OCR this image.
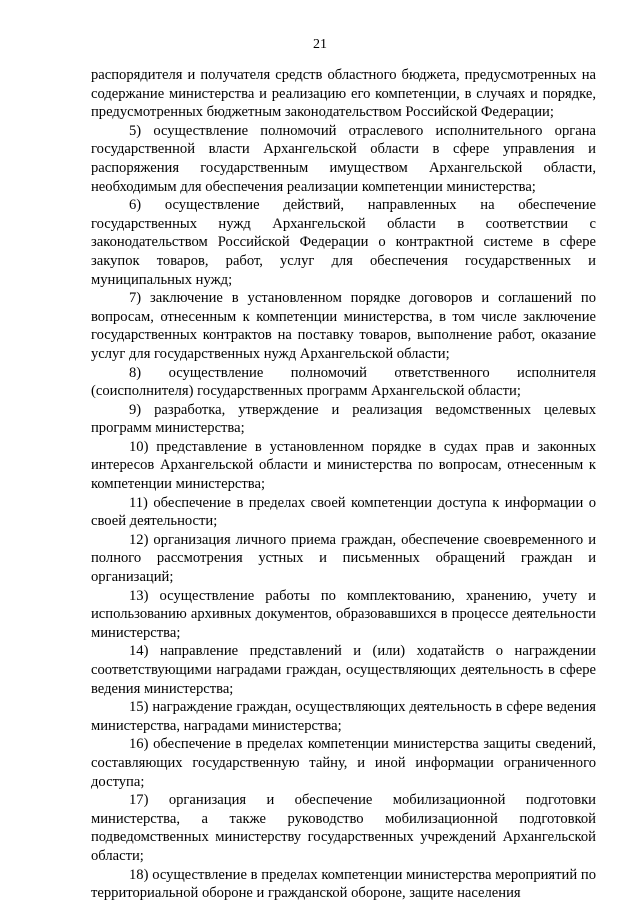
21

распорядителя и получателя средств областного бюджета, предусмотренных на содержание министерства и реализацию его компетенции, в случаях и порядке, предусмотренных бюджетным законодательством Российской Федерации;

5) осуществление полномочий отраслевого исполнительного органа государственной власти Архангельской области в сфере управления и распоряжения государственным имуществом Архангельской области, необходимым для обеспечения реализации компетенции министерства;

6) осуществление действий, направленных на обеспечение государственных нужд Архангельской области в соответствии с законодательством Российской Федерации о контрактной системе в сфере закупок товаров, работ, услуг для обеспечения государственных и муниципальных нужд;

7) заключение в установленном порядке договоров и соглашений по вопросам, отнесенным к компетенции министерства, в том числе заключение государственных контрактов на поставку товаров, выполнение работ, оказание услуг для государственных нужд Архангельской области;

8) осуществление полномочий ответственного исполнителя (соисполнителя) государственных программ Архангельской области;

9) разработка, утверждение и реализация ведомственных целевых программ министерства;

10) представление в установленном порядке в судах прав и законных интересов Архангельской области и министерства по вопросам, отнесенным к компетенции министерства;

11) обеспечение в пределах своей компетенции доступа к информации о своей деятельности;

12) организация личного приема граждан, обеспечение своевременного и полного рассмотрения устных и письменных обращений граждан и организаций;

13) осуществление работы по комплектованию, хранению, учету и использованию архивных документов, образовавшихся в процессе деятельности министерства;

14) направление представлений и (или) ходатайств о награждении соответствующими наградами граждан, осуществляющих деятельность в сфере ведения министерства;

15) награждение граждан, осуществляющих деятельность в сфере ведения министерства, наградами министерства;

16) обеспечение в пределах компетенции министерства защиты сведений, составляющих государственную тайну, и иной информации ограниченного доступа;

17) организация и обеспечение мобилизационной подготовки министерства, а также руководство мобилизационной подготовкой подведомственных министерству государственных учреждений Архангельской области;

18) осуществление в пределах компетенции министерства мероприятий по территориальной обороне и гражданской обороне, защите населения
